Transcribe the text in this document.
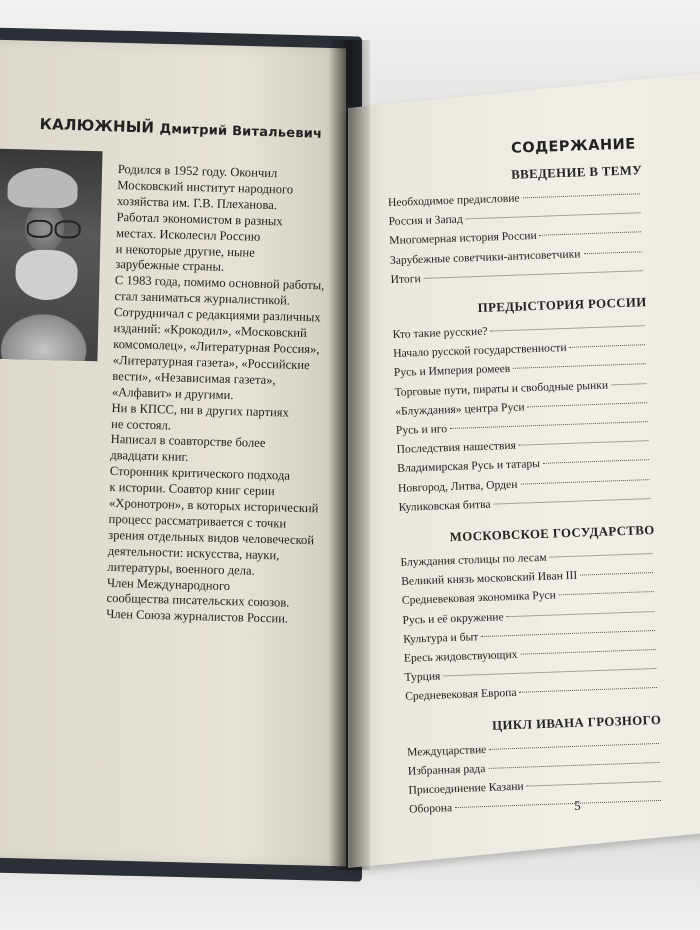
КАЛЮЖНЫЙ Дмитрий Витальевич
Родился в 1952 году. Окончил
Московский институт народного
хозяйства им. Г.В. Плеханова.
Работал экономистом в разных
местах. Исколесил Россию
и некоторые другие, ныне
зарубежные страны.
С 1983 года, помимо основной работы,
стал заниматься журналистикой.
Сотрудничал с редакциями различных
изданий: «Крокодил», «Московский
комсомолец», «Литературная Россия»,
«Литературная газета», «Российские
вести», «Независимая газета»,
«Алфавит» и другими.
Ни в КПСС, ни в других партиях
не состоял.
Написал в соавторстве более
двадцати книг.
Сторонник критического подхода
к истории. Соавтор книг серии
«Хронотрон», в которых исторический
процесс рассматривается с точки
зрения отдельных видов человеческой
деятельности: искусства, науки,
литературы, военного дела.
Член Международного
сообщества писательских союзов.
Член Союза журналистов России.
СОДЕРЖАНИЕ
5
ВВЕДЕНИЕ В ТЕМУ
Необходимое предисловие
Россия и Запад
Многомерная история России
Зарубежные советчики-антисоветчики
Итоги
ПРЕДЫСТОРИЯ РОССИИ
Кто такие русские?
Начало русской государственности
Русь и Империя ромеев
Торговые пути, пираты и свободные рынки
«Блуждания» центра Руси
Русь и иго
Последствия нашествия
Владимирская Русь и татары
Новгород, Литва, Орден
Куликовская битва
МОСКОВСКОЕ ГОСУДАРСТВО
Блуждания столицы по лесам
Великий князь московский Иван III
Средневековая экономика Руси
Русь и её окружение
Культура и быт
Ересь жидовствующих
Турция
Средневековая Европа
ЦИКЛ ИВАНА ГРОЗНОГО
Междуцарствие
Избранная рада
Присоединение Казани
Оборона
